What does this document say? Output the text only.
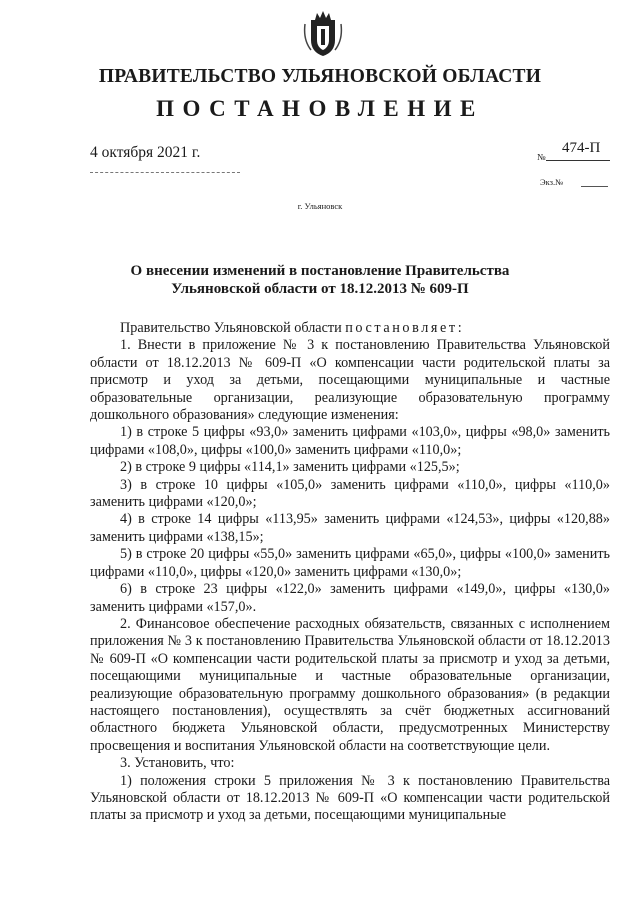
ПРАВИТЕЛЬСТВО УЛЬЯНОВСКОЙ ОБЛАСТИ
ПОСТАНОВЛЕНИЕ
4 октября 2021 г.	№
474-П
Экз.№
г. Ульяновск
О внесении изменений в постановление Правительства
Ульяновской области от 18.12.2013 № 609-П

Правительство Ульяновской области постановляет:

1. Внести в приложение № 3 к постановлению Правительства Ульяновской области от 18.12.2013 № 609-П «О компенсации части родительской платы за присмотр и уход за детьми, посещающими муниципальные и частные образовательные организации, реализующие образовательную программу дошкольного образования» следующие изменения:

1) в строке 5 цифры «93,0» заменить цифрами «103,0», цифры «98,0» заменить цифрами «108,0», цифры «100,0» заменить цифрами «110,0»;

2) в строке 9 цифры «114,1» заменить цифрами «125,5»;

3) в строке 10 цифры «105,0» заменить цифрами «110,0», цифры «110,0» заменить цифрами «120,0»;

4) в строке 14 цифры «113,95» заменить цифрами «124,53», цифры «120,88» заменить цифрами «138,15»;

5) в строке 20 цифры «55,0» заменить цифрами «65,0», цифры «100,0» заменить цифрами «110,0», цифры «120,0» заменить цифрами «130,0»;

6) в строке 23 цифры «122,0» заменить цифрами «149,0», цифры «130,0» заменить цифрами «157,0».

2. Финансовое обеспечение расходных обязательств, связанных с исполнением приложения № 3 к постановлению Правительства Ульяновской области от 18.12.2013 № 609-П «О компенсации части родительской платы за присмотр и уход за детьми, посещающими муниципальные и частные образовательные организации, реализующие образовательную программу дошкольного образования» (в редакции настоящего постановления), осуществлять за счёт бюджетных ассигнований областного бюджета Ульяновской области, предусмотренных Министерству просвещения и воспитания Ульяновской области на соответствующие цели.

3. Установить, что:

1) положения строки 5 приложения № 3 к постановлению Правительства Ульяновской области от 18.12.2013 № 609-П «О компенсации части родительской платы за присмотр и уход за детьми, посещающими муниципальные
